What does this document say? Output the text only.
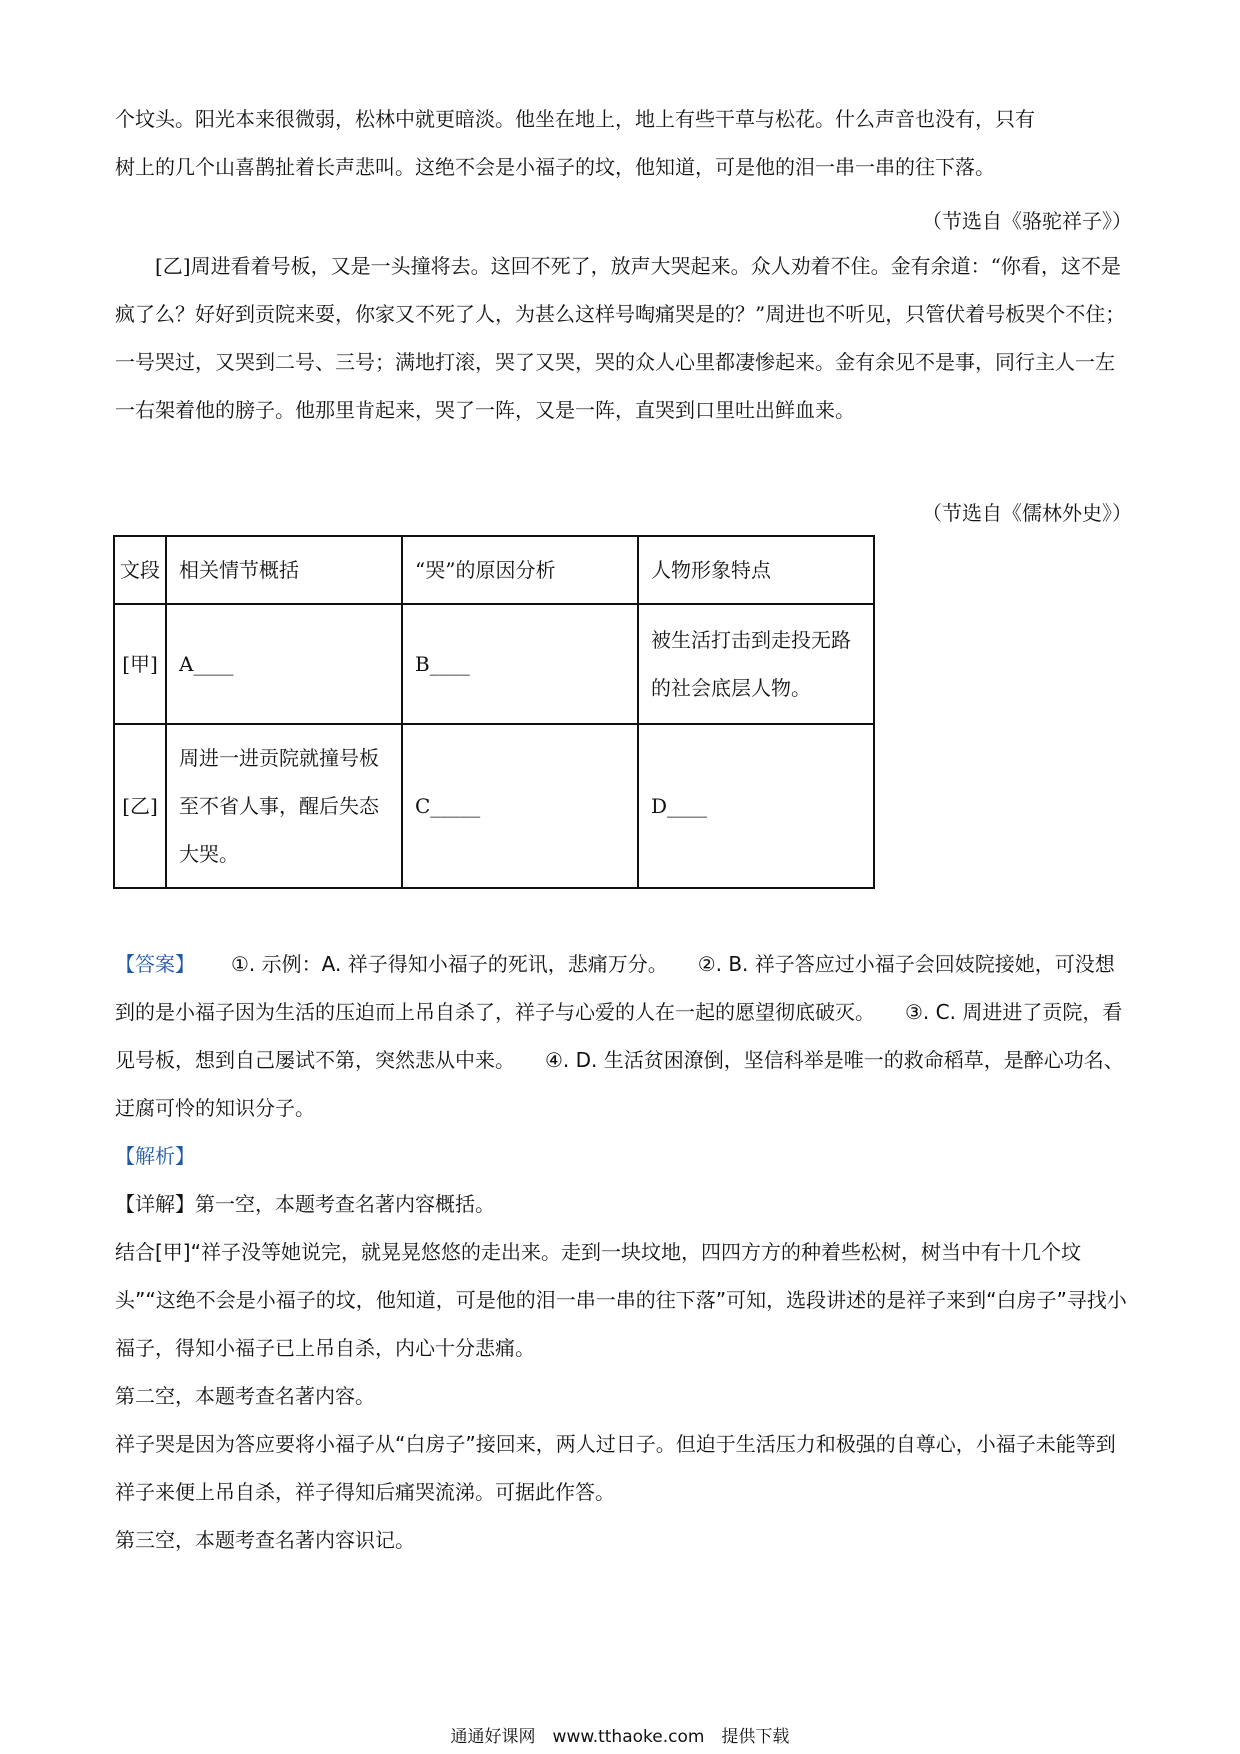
个坟头。阳光本来很微弱，松林中就更暗淡。他坐在地上，地上有些干草与松花。什么声音也没有，只有

树上的几个山喜鹊扯着长声悲叫。这绝不会是小福子的坟，他知道，可是他的泪一串一串的往下落。

（节选自《骆驼祥子》）

[乙]周进看着号板，又是一头撞将去。这回不死了，放声大哭起来。众人劝着不住。金有余道：“你看，这不是疯了么？好好到贡院来耍，你家又不死了人，为甚么这样号啕痛哭是的？”周进也不听见，只管伏着号板哭个不住；一号哭过，又哭到二号、三号；满地打滚，哭了又哭，哭的众人心里都凄惨起来。金有余见不是事，同行主人一左一右架着他的膀子。他那里肯起来，哭了一阵，又是一阵，直哭到口里吐出鲜血来。

（节选自《儒林外史》）
文段	相关情节概括	“哭”的原因分析	人物形象特点
[甲]	A____	B____	被生活打击到走投无路的社会底层人物。
[乙]	周进一进贡院就撞号板至不省人事，醒后失态大哭。	C_____	D____

【答案】 ①. 示例：A. 祥子得知小福子的死讯，悲痛万分。　　②. B. 祥子答应过小福子会回妓院接她，可没想到的是小福子因为生活的压迫而上吊自杀了，祥子与心爱的人在一起的愿望彻底破灭。　　③. C. 周进进了贡院，看见号板，想到自己屡试不第，突然悲从中来。　　④. D. 生活贫困潦倒，坚信科举是唯一的救命稻草，是醉心功名、迂腐可怜的知识分子。

【解析】

【详解】第一空，本题考查名著内容概括。

结合[甲]“祥子没等她说完，就晃晃悠悠的走出来。走到一块坟地，四四方方的种着些松树，树当中有十几个坟头”“这绝不会是小福子的坟，他知道，可是他的泪一串一串的往下落”可知，选段讲述的是祥子来到“白房子”寻找小福子，得知小福子已上吊自杀，内心十分悲痛。

第二空，本题考查名著内容。

祥子哭是因为答应要将小福子从“白房子”接回来，两人过日子。但迫于生活压力和极强的自尊心，小福子未能等到祥子来便上吊自杀，祥子得知后痛哭流涕。可据此作答。

第三空，本题考查名著内容识记。

通通好课网　www.tthaoke.com　提供下载
